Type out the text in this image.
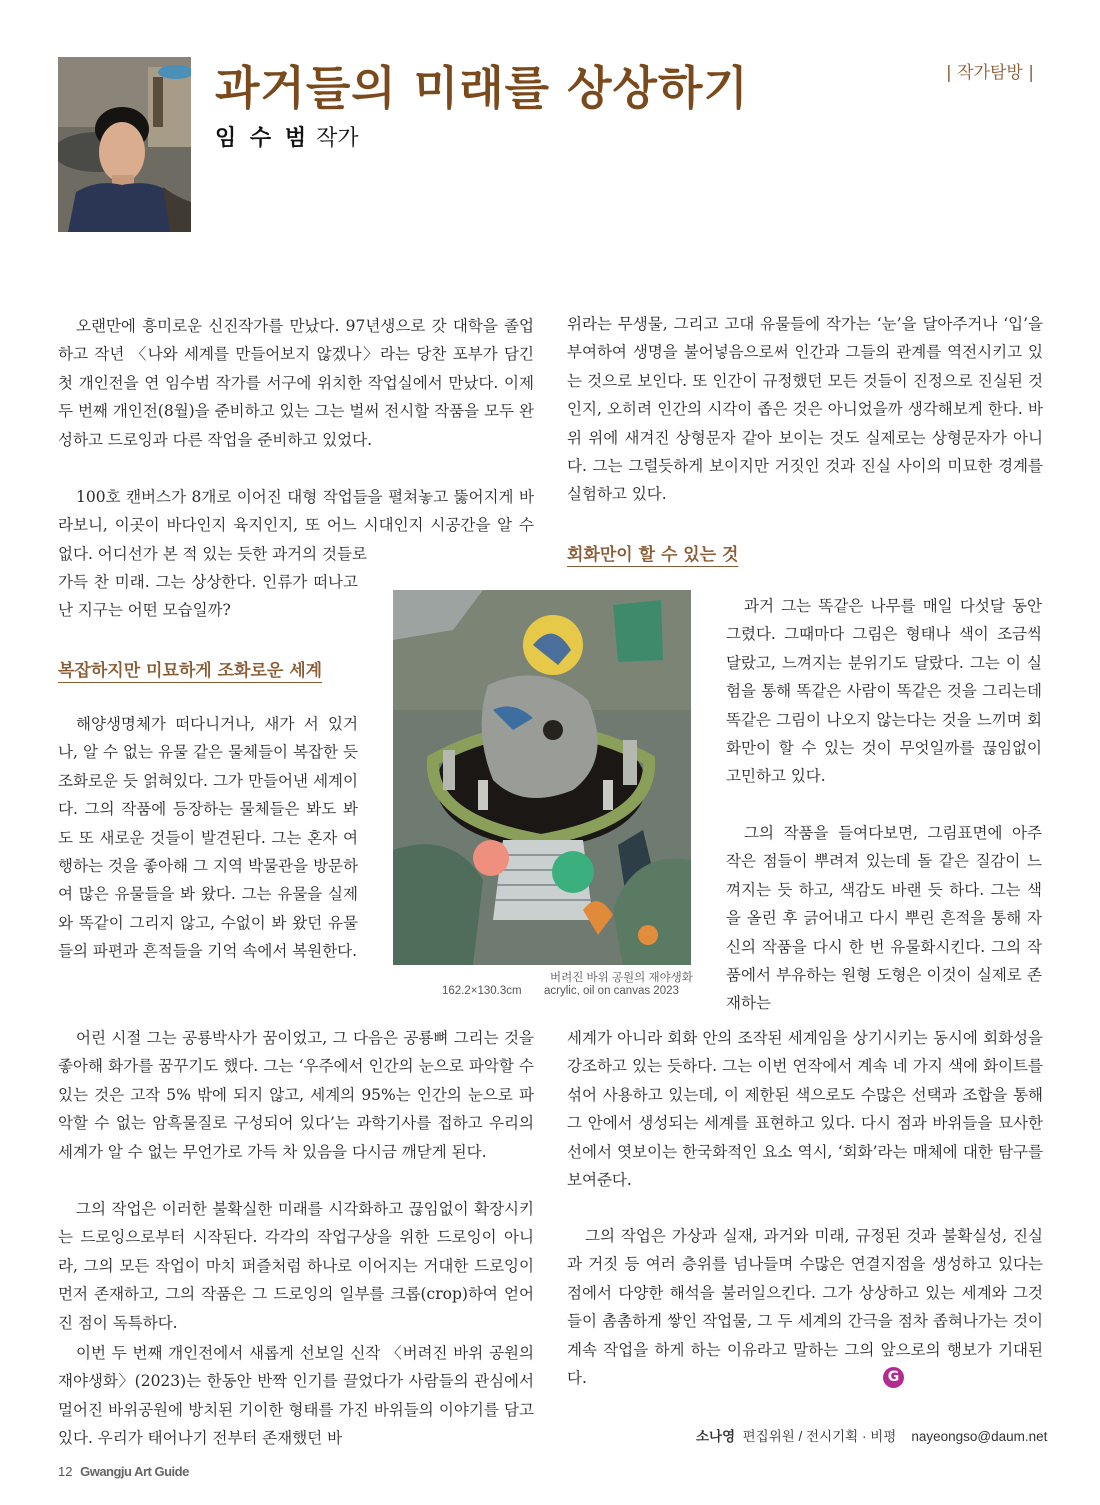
과거들의 미래를 상상하기
임 수 범 작가
| 작가탐방 |

오랜만에 흥미로운 신진작가를 만났다. 97년생으로 갓 대학을 졸업하고 작년 〈나와 세계를 만들어보지 않겠나〉라는 당찬 포부가 담긴 첫 개인전을 연 임수범 작가를 서구에 위치한 작업실에서 만났다. 이제 두 번째 개인전(8월)을 준비하고 있는 그는 벌써 전시할 작품을 모두 완성하고 드로잉과 다른 작업을 준비하고 있었다.

100호 캔버스가 8개로 이어진 대형 작업들을 펼쳐놓고 뚫어지게 바라보니, 이곳이 바다인지 육지인지, 또 어느 시대인지 시공간을 알 수 없다. 어디선가 본 적 있는 듯한 과거의 것들로

가득 찬 미래. 그는 상상한다. 인류가 떠나고 난 지구는 어떤 모습일까?

복잡하지만 미묘하게 조화로운 세계

해양생명체가 떠다니거나, 새가 서 있거나, 알 수 없는 유물 같은 물체들이 복잡한 듯 조화로운 듯 얽혀있다. 그가 만들어낸 세계이다. 그의 작품에 등장하는 물체들은 봐도 봐도 또 새로운 것들이 발견된다. 그는 혼자 여행하는 것을 좋아해 그 지역 박물관을 방문하여 많은 유물들을 봐 왔다. 그는 유물을 실제와 똑같이 그리지 않고, 수없이 봐 왔던 유물들의 파편과 흔적들을 기억 속에서 복원한다.

어린 시절 그는 공룡박사가 꿈이었고, 그 다음은 공룡뼈 그리는 것을 좋아해 화가를 꿈꾸기도 했다. 그는 ‘우주에서 인간의 눈으로 파악할 수 있는 것은 고작 5% 밖에 되지 않고, 세계의 95%는 인간의 눈으로 파악할 수 없는 암흑물질로 구성되어 있다’는 과학기사를 접하고 우리의 세계가 알 수 없는 무언가로 가득 차 있음을 다시금 깨닫게 된다.

그의 작업은 이러한 불확실한 미래를 시각화하고 끊임없이 확장시키는 드로잉으로부터 시작된다. 각각의 작업구상을 위한 드로잉이 아니라, 그의 모든 작업이 마치 퍼즐처럼 하나로 이어지는 거대한 드로잉이 먼저 존재하고, 그의 작품은 그 드로잉의 일부를 크롭(crop)하여 얻어진 점이 독특하다.

이번 두 번째 개인전에서 새롭게 선보일 신작 〈버려진 바위 공원의 재야생화〉(2023)는 한동안 반짝 인기를 끌었다가 사람들의 관심에서 멀어진 바위공원에 방치된 기이한 형태를 가진 바위들의 이야기를 담고 있다. 우리가 태어나기 전부터 존재했던 바

버려진 바위 공원의 재야생화
162.2×130.3cm acrylic, oil on canvas 2023

위라는 무생물, 그리고 고대 유물들에 작가는 ‘눈’을 달아주거나 ‘입’을 부여하여 생명을 불어넣음으로써 인간과 그들의 관계를 역전시키고 있는 것으로 보인다. 또 인간이 규정했던 모든 것들이 진정으로 진실된 것인지, 오히려 인간의 시각이 좁은 것은 아니었을까 생각해보게 한다. 바위 위에 새겨진 상형문자 같아 보이는 것도 실제로는 상형문자가 아니다. 그는 그럴듯하게 보이지만 거짓인 것과 진실 사이의 미묘한 경계를 실험하고 있다.

회화만이 할 수 있는 것

과거 그는 똑같은 나무를 매일 다섯달 동안 그렸다. 그때마다 그림은 형태나 색이 조금씩 달랐고, 느껴지는 분위기도 달랐다. 그는 이 실험을 통해 똑같은 사람이 똑같은 것을 그리는데 똑같은 그림이 나오지 않는다는 것을 느끼며 회화만이 할 수 있는 것이 무엇일까를 끊임없이 고민하고 있다.

그의 작품을 들여다보면, 그림표면에 아주 작은 점들이 뿌려져 있는데 돌 같은 질감이 느껴지는 듯 하고, 색감도 바랜 듯 하다. 그는 색을 올린 후 긁어내고 다시 뿌린 흔적을 통해 자신의 작품을 다시 한 번 유물화시킨다. 그의 작품에서 부유하는 원형 도형은 이것이 실제로 존재하는

세계가 아니라 회화 안의 조작된 세계임을 상기시키는 동시에 회화성을 강조하고 있는 듯하다. 그는 이번 연작에서 계속 네 가지 색에 화이트를 섞어 사용하고 있는데, 이 제한된 색으로도 수많은 선택과 조합을 통해 그 안에서 생성되는 세계를 표현하고 있다. 다시 점과 바위들을 묘사한 선에서 엿보이는 한국화적인 요소 역시, ‘회화’라는 매체에 대한 탐구를 보여준다.

그의 작업은 가상과 실재, 과거와 미래, 규정된 것과 불확실성, 진실과 거짓 등 여러 층위를 넘나들며 수많은 연결지점을 생성하고 있다는 점에서 다양한 해석을 불러일으킨다. 그가 상상하고 있는 세계와 그것들이 촘촘하게 쌓인 작업물, 그 두 세계의 간극을 점차 좁혀나가는 것이 계속 작업을 하게 하는 이유라고 말하는 그의 앞으로의 행보가 기대된다.	G
소나영 편집위원 / 전시기획 · 비평 nayeongso@daum.net
12 Gwangju Art Guide
